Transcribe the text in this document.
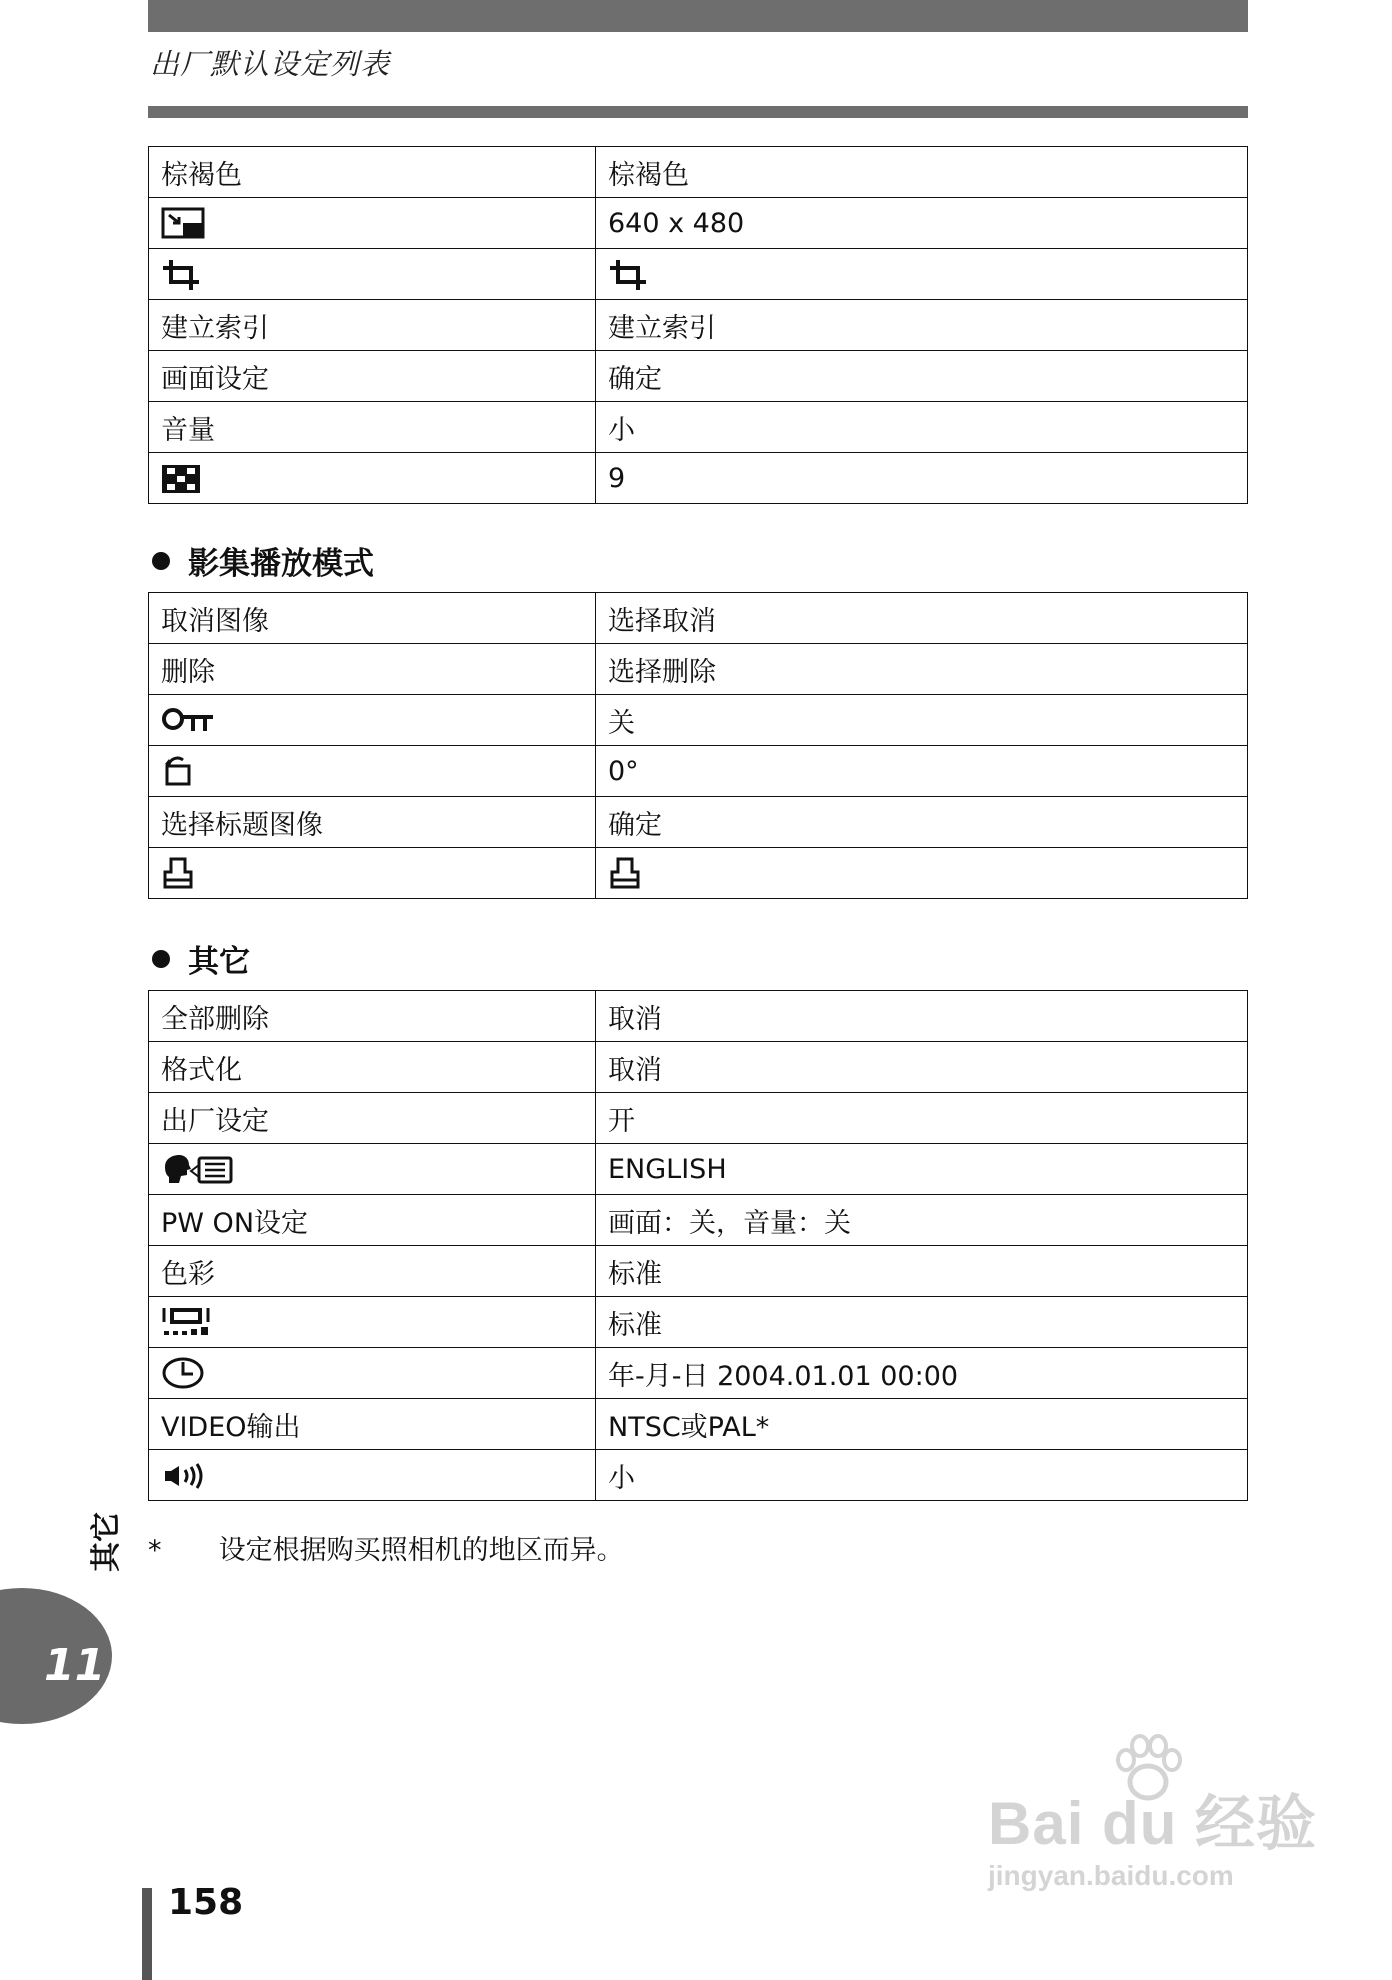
出厂默认设定列表
棕褐色	棕褐色
	640 x 480

建立索引	建立索引
画面设定	确定
音量	小
	9
影集播放模式
取消图像	选择取消
删除	选择删除
	关
	0°
选择标题图像	确定

其它
全部删除	取消
格式化	取消
出厂设定	开
	ENGLISH
PW ON设定	画面：关，音量：关
色彩	标准
	标准
	年-月-日 2004.01.01 00:00
VIDEO输出	NTSC或PAL*
	小
* 设定根据购买照相机的地区而异。
其它
11
158
Bai du 经验
jingyan.baidu.com
